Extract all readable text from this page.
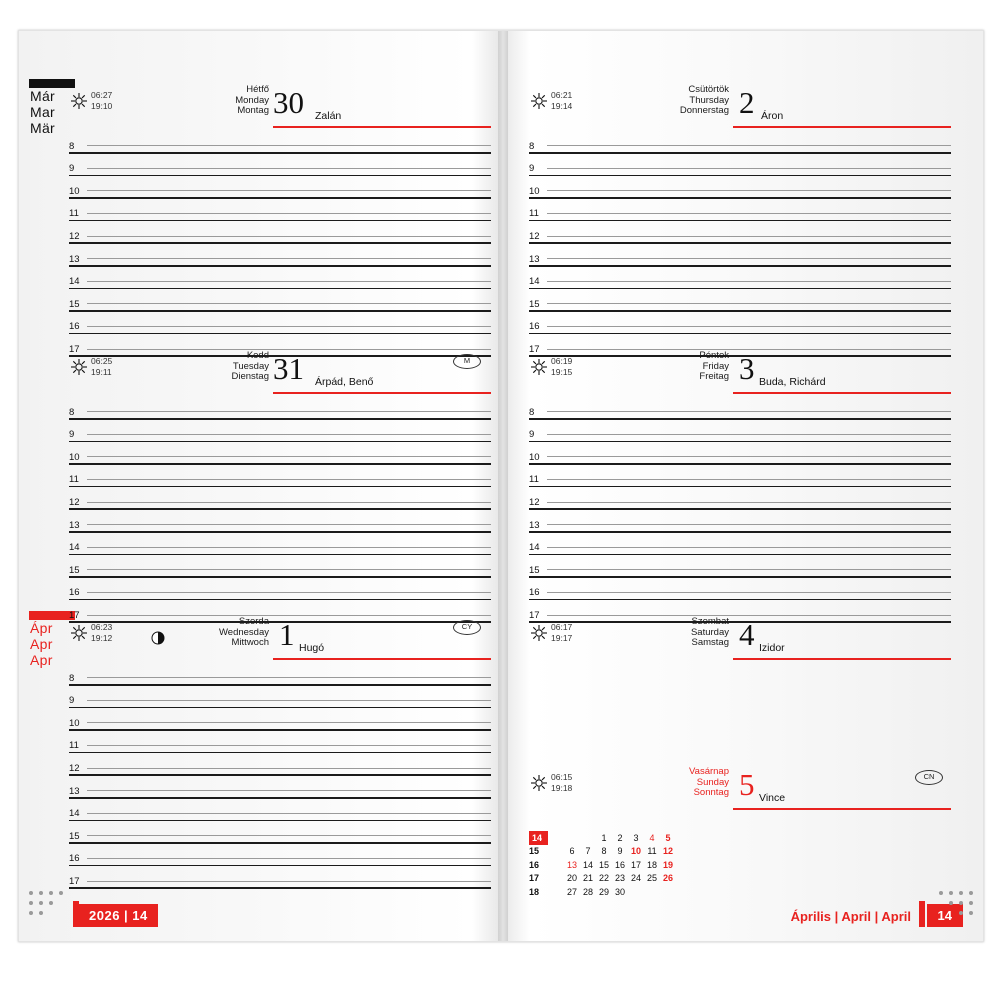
Már
Mar
Mär
Ápr
Apr
Apr
06:27
19:10
Hétfő
Monday
Montag 30 Zalán
8
9
10
11
12
13
14
15
16
17
06:25
19:11
Kedd
Tuesday
Dienstag 31 Árpád, Benő
M
8
9
10
11
12
13
14
15
16
17
06:23
19:12
Szerda
Wednesday
Mittwoch 1 Hugó
CY
8
9
10
11
12
13
14
15
16
17
2026 | 14
06:21
19:14
Csütörtök
Thursday
Donnerstag 2 Áron
8
9
10
11
12
13
14
15
16
17
06:19
19:15
Péntek
Friday
Freitag 3 Buda, Richárd
8
9
10
11
12
13
14
15
16
17
06:17
19:17
Szombat
Saturday
Samstag 4 Izidor
06:15
19:18
Vasárnap
Sunday
Sonntag 5 Vince
CN
14				1	2	3	4	5
15		6	7	8	9	10	11	12
16		13	14	15	16	17	18	19
17		20	21	22	23	24	25	26
18		27	28	29	30			
Április | April | April	14
